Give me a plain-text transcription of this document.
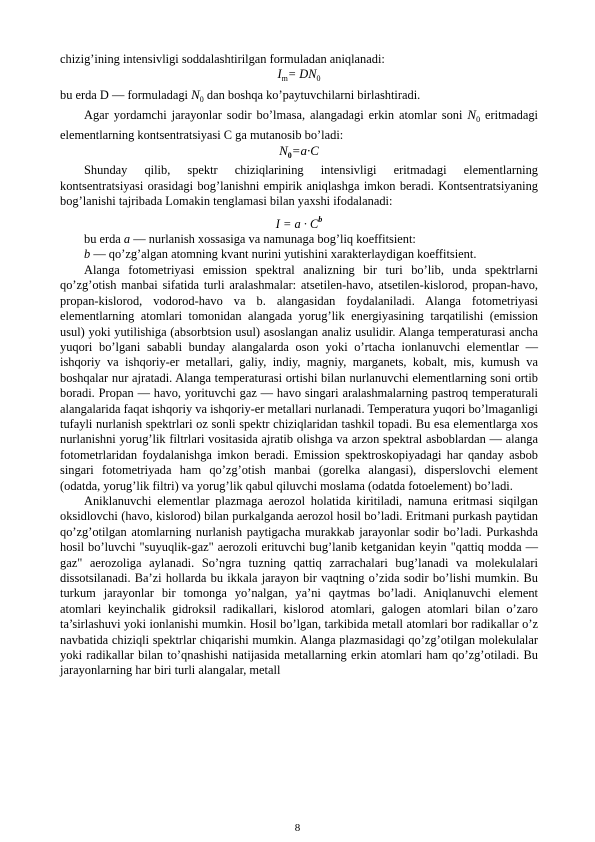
chizig’ining intensivligi soddalashtirilgan formuladan aniqlanadi:

$I_m= DN_0$

bu erda D — formuladagi $N_0$ dan boshqa ko’paytuvchilarni birlashtiradi.

Agar yordamchi jarayonlar sodir bo’lmasa, alangadagi erkin atomlar soni $N_0$ eritmadagi elementlarning kontsentratsiyasi C ga mutanosib bo’ladi:

$N_0=a\cdot C$

Shunday qilib, spektr chiziqlarining intensivligi eritmadagi elementlarning kontsentratsiyasi orasidagi bog’lanishni empirik aniqlashga imkon beradi. Kontsentratsiyaning bog’lanishi tajribada Lomakin tenglamasi bilan yaxshi ifodalanadi:

$I = a \cdot C^b$

bu erda a — nurlanish xossasiga va namunaga bog’liq koeffitsient:

b — qo’zg’algan atomning kvant nurini yutishini xarakterlaydigan koeffitsient.

Alanga fotometriyasi emission spektral analizning bir turi bo’lib, unda spektrlarni qo’zg’otish manbai sifatida turli aralashmalar: atsetilen-havo, atsetilen-kislorod, propan-havo, propan-kislorod, vodorod-havo va b. alangasidan foydalaniladi. Alanga fotometriyasi elementlarning atomlari tomonidan alangada yorug’lik energiyasining tarqatilishi (emission usul) yoki yutilishiga (absorbtsion usul) asoslangan analiz usulidir. Alanga temperaturasi ancha yuqori bo’lgani sababli bunday alangalarda oson yoki o’rtacha ionlanuvchi elementlar — ishqoriy va ishqoriy-er metallari, galiy, indiy, magniy, marganets, kobalt, mis, kumush va boshqalar nur ajratadi. Alanga temperaturasi ortishi bilan nurlanuvchi elementlarning soni ortib boradi. Propan — havo, yorituvchi gaz — havo singari aralashmalarning pastroq temperaturali alangalarida faqat ishqoriy va ishqoriy-er metallari nurlanadi. Temperatura yuqori bo’lmaganligi tufayli nurlanish spektrlari oz sonli spektr chiziqlaridan tashkil topadi. Bu esa elementlarga xos nurlanishni yorug’lik filtrlari vositasida ajratib olishga va arzon spektral asboblardan — alanga fotometrlaridan foydalanishga imkon beradi. Emission spektroskopiyadagi har qanday asbob singari fotometriyada ham qo’zg’otish manbai (gorelka alangasi), disperslovchi element (odatda, yorug’lik filtri) va yorug’lik qabul qiluvchi moslama (odatda fotoelement) bo’ladi.

Aniklanuvchi elementlar plazmaga aerozol holatida kiritiladi, namuna eritmasi siqilgan oksidlovchi (havo, kislorod) bilan purkalganda aerozol hosil bo’ladi. Eritmani purkash paytidan qo’zg’otilgan atomlarning nurlanish paytigacha murakkab jarayonlar sodir bo’ladi. Purkashda hosil bo’luvchi "suyuqlik-gaz" aerozoli erituvchi bug’lanib ketganidan keyin "qattiq modda —gaz" aerozoliga aylanadi. So’ngra tuzning qattiq zarrachalari bug’lanadi va molekulalari dissotsilanadi. Ba’zi hollarda bu ikkala jarayon bir vaqtning o’zida sodir bo’lishi mumkin. Bu turkum jarayonlar bir tomonga yo’nalgan, ya’ni qaytmas bo’ladi. Aniqlanuvchi element atomlari keyinchalik gidroksil radikallari, kislorod atomlari, galogen atomlari bilan o’zaro ta’sirlashuvi yoki ionlanishi mumkin. Hosil bo’lgan, tarkibida metall atomlari bor radikallar o’z navbatida chiziqli spektrlar chiqarishi mumkin. Alanga plazmasidagi qo’zg’otilgan molekulalar yoki radikallar bilan to’qnashishi natijasida metallarning erkin atomlari ham qo’zg’otiladi. Bu jarayonlarning har biri turli alangalar, metall

8
